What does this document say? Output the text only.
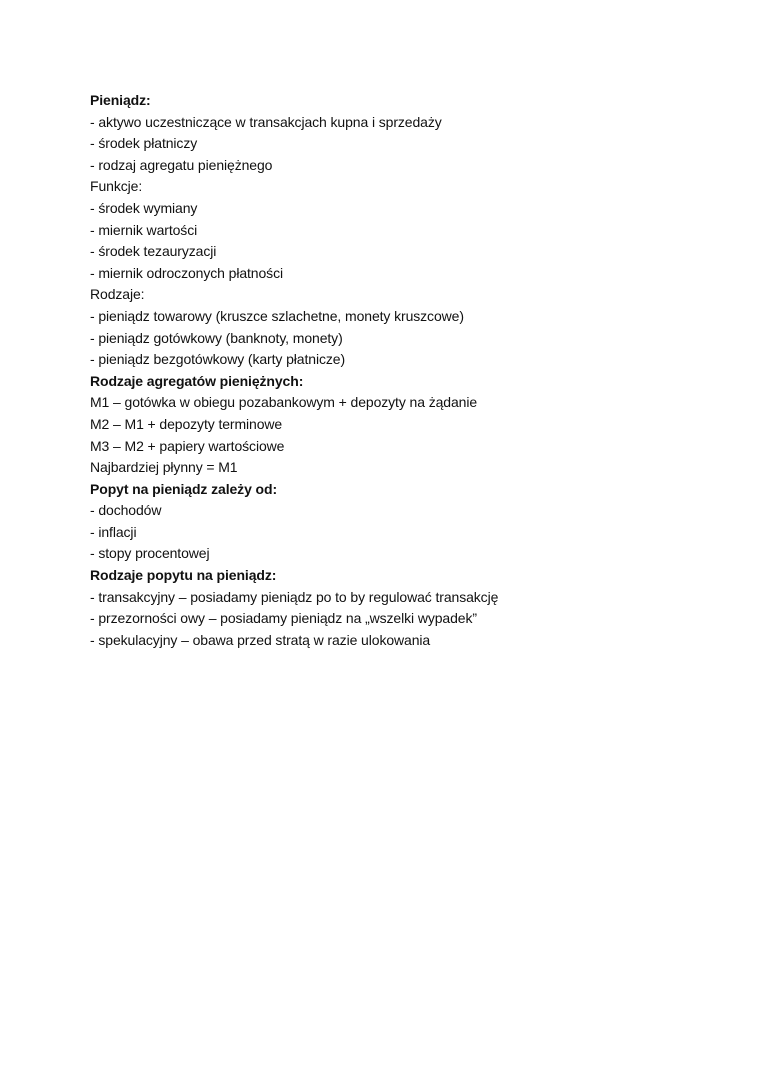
Pieniądz:

- aktywo uczestniczące w transakcjach kupna i sprzedaży

- środek płatniczy

- rodzaj agregatu pieniężnego

Funkcje:

- środek wymiany

- miernik wartości

- środek tezauryzacji

- miernik odroczonych płatności

Rodzaje:

- pieniądz towarowy (kruszce szlachetne, monety kruszcowe)

- pieniądz gotówkowy (banknoty, monety)

- pieniądz bezgotówkowy (karty płatnicze)

Rodzaje agregatów pieniężnych:

M1 – gotówka w obiegu pozabankowym + depozyty na żądanie

M2 – M1 + depozyty terminowe

M3 – M2 + papiery wartościowe

Najbardziej płynny = M1

Popyt na pieniądz zależy od:

- dochodów

- inflacji

- stopy procentowej

Rodzaje popytu na pieniądz:

- transakcyjny – posiadamy pieniądz po to by regulować transakcję

- przezorności owy – posiadamy pieniądz na „wszelki wypadek”

- spekulacyjny – obawa przed stratą w razie ulokowania
